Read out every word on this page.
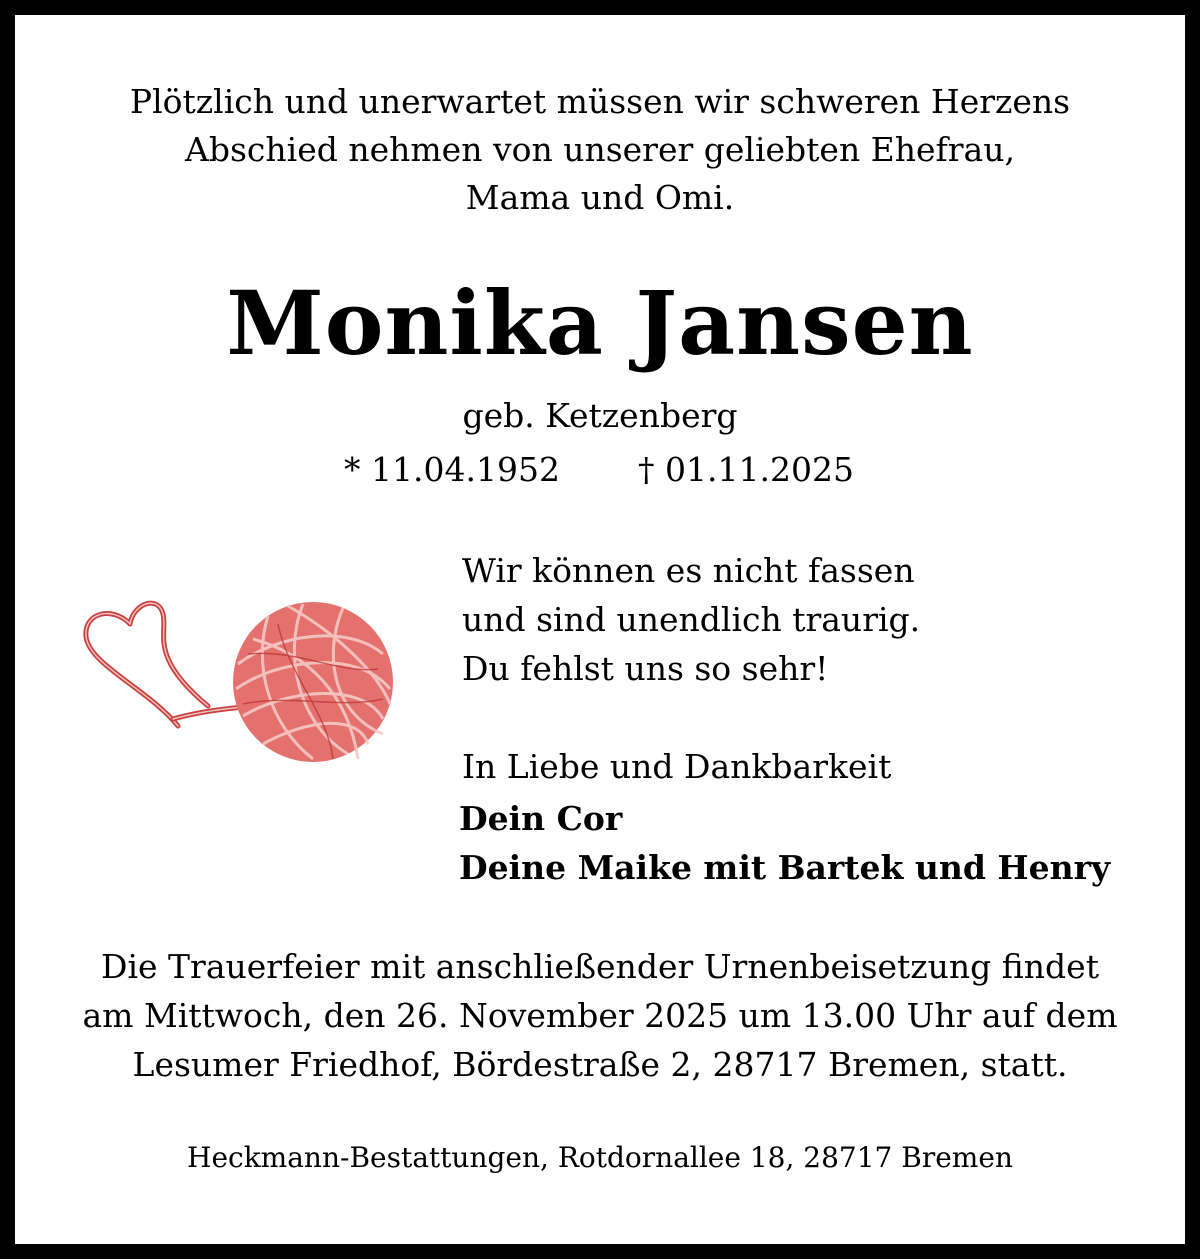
Plötzlich und unerwartet müssen wir schweren Herzens
Abschied nehmen von unserer geliebten Ehefrau,
Mama und Omi.
Monika Jansen
geb. Ketzenberg
* 11.04.1952 † 01.11.2025
Wir können es nicht fassen
und sind unendlich traurig.
Du fehlst uns so sehr!
In Liebe und Dankbarkeit
Dein Cor
Deine Maike mit Bartek und Henry
Die Trauerfeier mit anschließender Urnenbeisetzung findet
am Mittwoch, den 26. November 2025 um 13.00 Uhr auf dem
Lesumer Friedhof, Bördestraße 2, 28717 Bremen, statt.
Heckmann-Bestattungen, Rotdornallee 18, 28717 Bremen
